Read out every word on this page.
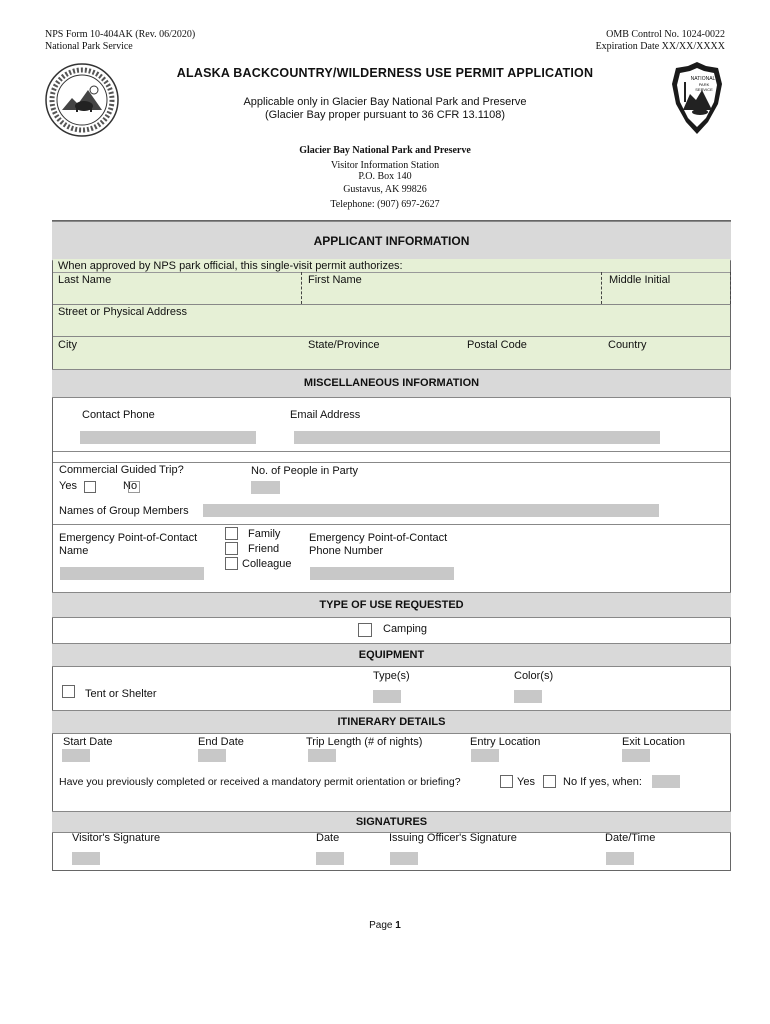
NPS Form 10-404AK (Rev. 06/2020)
National Park Service
OMB Control No. 1024-0022
Expiration Date XX/XX/XXXX
NATIONAL
PARK
SERVICE
ALASKA BACKCOUNTRY/WILDERNESS USE PERMIT APPLICATION
Applicable only in Glacier Bay National Park and Preserve
(Glacier Bay proper pursuant to 36 CFR 13.1108)
Glacier Bay National Park and Preserve
Visitor Information Station
P.O. Box 140
Gustavus, AK 99826
Telephone: (907) 697-2627
APPLICANT INFORMATION
When approved by NPS park official, this single-visit permit authorizes:
Last Name	First Name	Middle Initial
Street or Physical Address
City	State/Province	Postal Code	Country
MISCELLANEOUS INFORMATION
Contact Phone	Email Address
Commercial Guided Trip?
Yes	No
No. of People in Party
Names of Group Members
Emergency Point-of-Contact
Name
Family
Friend
Colleague
Emergency Point-of-Contact
Phone Number
TYPE OF USE REQUESTED
Camping
EQUIPMENT
Type(s)	Color(s)
Tent or Shelter
ITINERARY DETAILS
Start Date	End Date	Trip Length (# of nights)	Entry Location	Exit Location
Have you previously completed or received a mandatory permit orientation or briefing?	Yes	No If yes, when:
SIGNATURES
Visitor's Signature	Date	Issuing Officer's Signature	Date/Time
Page 1
